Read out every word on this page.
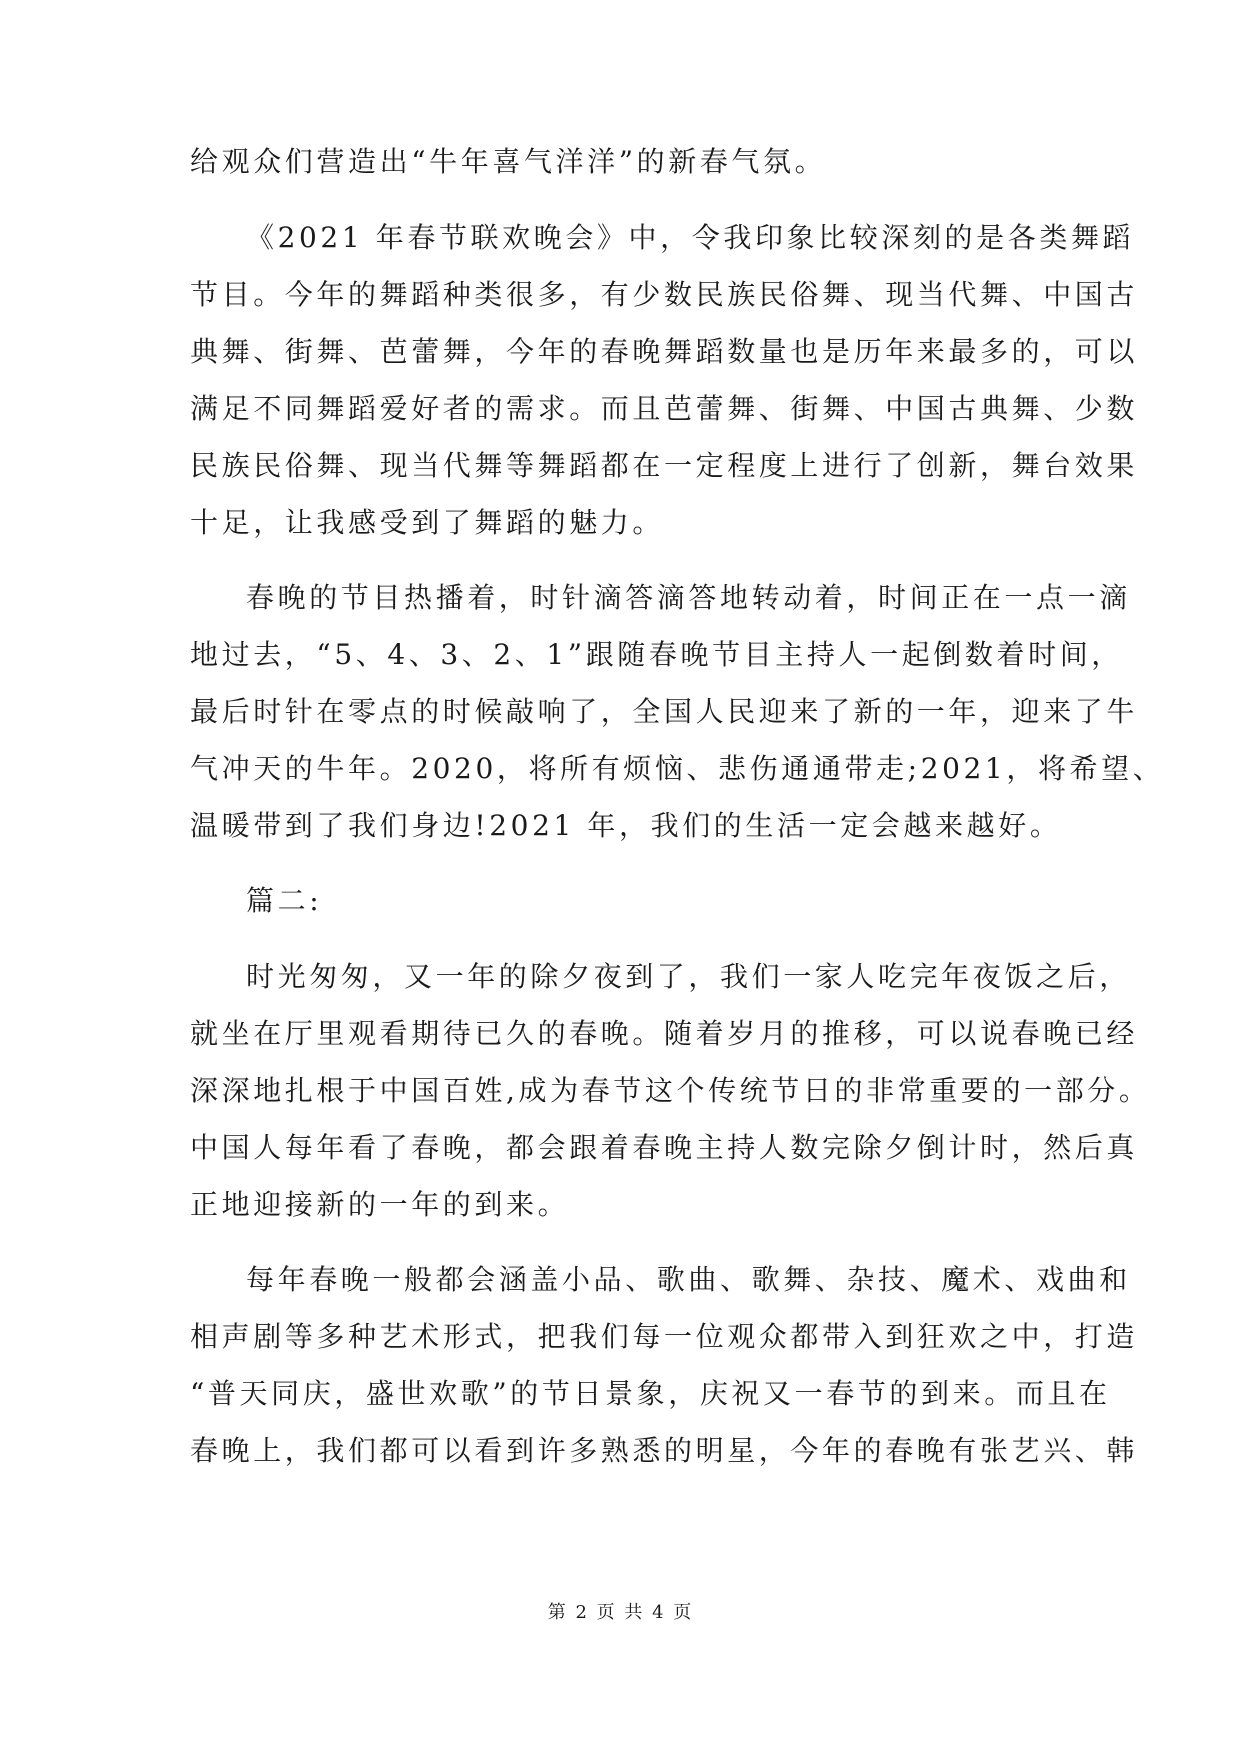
给观众们营造出“牛年喜气洋洋”的新春气氛。
《2021 年春节联欢晚会》中，令我印象比较深刻的是各类舞蹈
节目。今年的舞蹈种类很多，有少数民族民俗舞、现当代舞、中国古
典舞、街舞、芭蕾舞，今年的春晚舞蹈数量也是历年来最多的，可以
满足不同舞蹈爱好者的需求。而且芭蕾舞、街舞、中国古典舞、少数
民族民俗舞、现当代舞等舞蹈都在一定程度上进行了创新，舞台效果
十足，让我感受到了舞蹈的魅力。
春晚的节目热播着，时针滴答滴答地转动着，时间正在一点一滴
地过去，“5、4、3、2、1”跟随春晚节目主持人一起倒数着时间，
最后时针在零点的时候敲响了，全国人民迎来了新的一年，迎来了牛
气冲天的牛年。2020，将所有烦恼、悲伤通通带走;2021，将希望、
温暖带到了我们身边!2021 年，我们的生活一定会越来越好。
篇二:
时光匆匆，又一年的除夕夜到了，我们一家人吃完年夜饭之后，
就坐在厅里观看期待已久的春晚。随着岁月的推移，可以说春晚已经
深深地扎根于中国百姓,成为春节这个传统节日的非常重要的一部分。
中国人每年看了春晚，都会跟着春晚主持人数完除夕倒计时，然后真
正地迎接新的一年的到来。
每年春晚一般都会涵盖小品、歌曲、歌舞、杂技、魔术、戏曲和
相声剧等多种艺术形式，把我们每一位观众都带入到狂欢之中，打造
“普天同庆，盛世欢歌”的节日景象，庆祝又一春节的到来。而且在
春晚上，我们都可以看到许多熟悉的明星，今年的春晚有张艺兴、韩
第 2 页 共 4 页
